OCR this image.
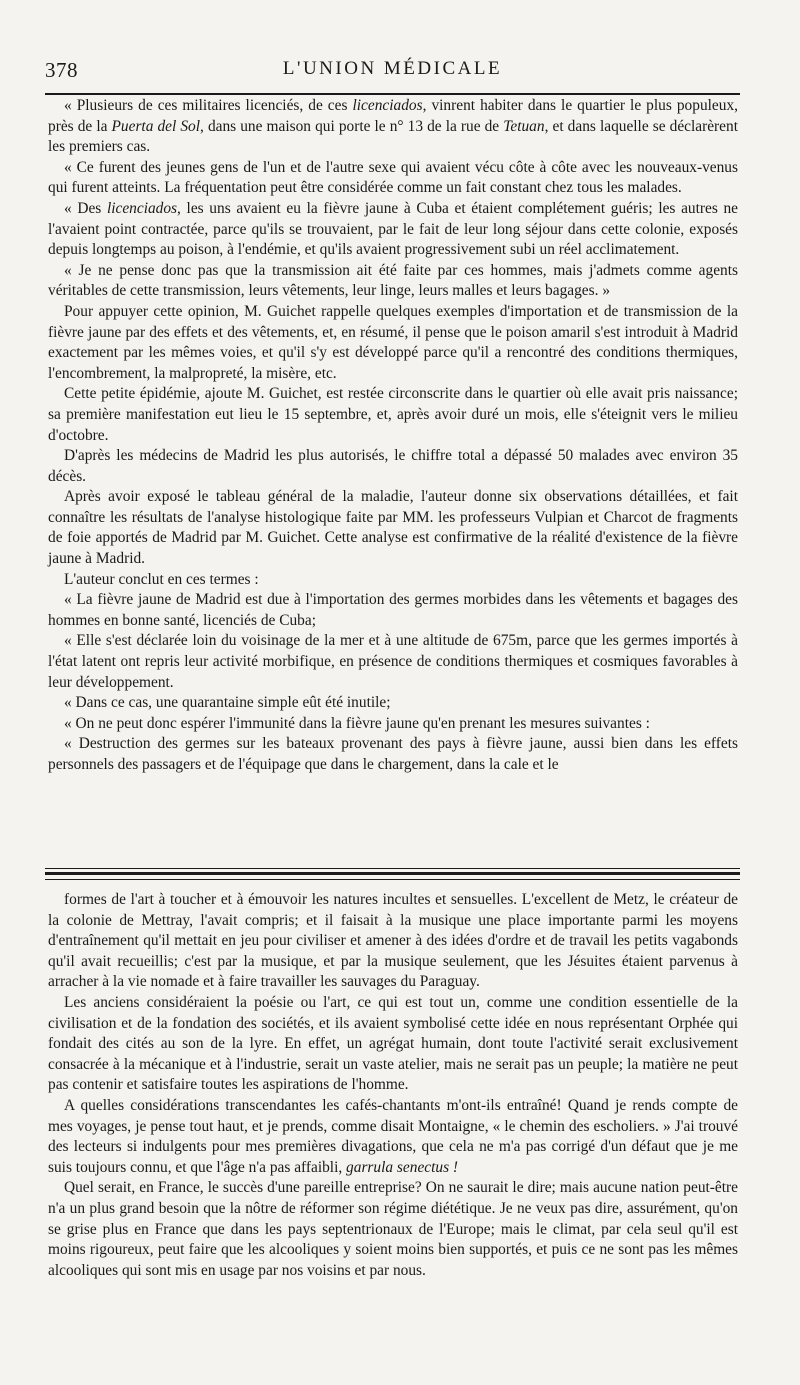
378	L'UNION MÉDICALE

« Plusieurs de ces militaires licenciés, de ces licenciados, vinrent habiter dans le quartier le plus populeux, près de la Puerta del Sol, dans une maison qui porte le n° 13 de la rue de Tetuan, et dans laquelle se déclarèrent les premiers cas.

« Ce furent des jeunes gens de l'un et de l'autre sexe qui avaient vécu côte à côte avec les nouveaux-venus qui furent atteints. La fréquentation peut être considérée comme un fait constant chez tous les malades.

« Des licenciados, les uns avaient eu la fièvre jaune à Cuba et étaient complétement guéris; les autres ne l'avaient point contractée, parce qu'ils se trouvaient, par le fait de leur long séjour dans cette colonie, exposés depuis longtemps au poison, à l'endémie, et qu'ils avaient progressivement subi un réel acclimatement.

« Je ne pense donc pas que la transmission ait été faite par ces hommes, mais j'admets comme agents véritables de cette transmission, leurs vêtements, leur linge, leurs malles et leurs bagages. »

Pour appuyer cette opinion, M. Guichet rappelle quelques exemples d'importation et de transmission de la fièvre jaune par des effets et des vêtements, et, en résumé, il pense que le poison amaril s'est introduit à Madrid exactement par les mêmes voies, et qu'il s'y est développé parce qu'il a rencontré des conditions thermiques, l'encombrement, la malpropreté, la misère, etc.

Cette petite épidémie, ajoute M. Guichet, est restée circonscrite dans le quartier où elle avait pris naissance; sa première manifestation eut lieu le 15 septembre, et, après avoir duré un mois, elle s'éteignit vers le milieu d'octobre.

D'après les médecins de Madrid les plus autorisés, le chiffre total a dépassé 50 malades avec environ 35 décès.

Après avoir exposé le tableau général de la maladie, l'auteur donne six observations détaillées, et fait connaître les résultats de l'analyse histologique faite par MM. les professeurs Vulpian et Charcot de fragments de foie apportés de Madrid par M. Guichet. Cette analyse est confirmative de la réalité d'existence de la fièvre jaune à Madrid.

L'auteur conclut en ces termes :

« La fièvre jaune de Madrid est due à l'importation des germes morbides dans les vêtements et bagages des hommes en bonne santé, licenciés de Cuba;

« Elle s'est déclarée loin du voisinage de la mer et à une altitude de 675m, parce que les germes importés à l'état latent ont repris leur activité morbifique, en présence de conditions thermiques et cosmiques favorables à leur développement.

« Dans ce cas, une quarantaine simple eût été inutile;

« On ne peut donc espérer l'immunité dans la fièvre jaune qu'en prenant les mesures suivantes :

« Destruction des germes sur les bateaux provenant des pays à fièvre jaune, aussi bien dans les effets personnels des passagers et de l'équipage que dans le chargement, dans la cale et le

formes de l'art à toucher et à émouvoir les natures incultes et sensuelles. L'excellent de Metz, le créateur de la colonie de Mettray, l'avait compris; et il faisait à la musique une place importante parmi les moyens d'entraînement qu'il mettait en jeu pour civiliser et amener à des idées d'ordre et de travail les petits vagabonds qu'il avait recueillis; c'est par la musique, et par la musique seulement, que les Jésuites étaient parvenus à arracher à la vie nomade et à faire travailler les sauvages du Paraguay.

Les anciens considéraient la poésie ou l'art, ce qui est tout un, comme une condition essentielle de la civilisation et de la fondation des sociétés, et ils avaient symbolisé cette idée en nous représentant Orphée qui fondait des cités au son de la lyre. En effet, un agrégat humain, dont toute l'activité serait exclusivement consacrée à la mécanique et à l'industrie, serait un vaste atelier, mais ne serait pas un peuple; la matière ne peut pas contenir et satisfaire toutes les aspirations de l'homme.

A quelles considérations transcendantes les cafés-chantants m'ont-ils entraîné! Quand je rends compte de mes voyages, je pense tout haut, et je prends, comme disait Montaigne, « le chemin des escholiers. » J'ai trouvé des lecteurs si indulgents pour mes premières divagations, que cela ne m'a pas corrigé d'un défaut que je me suis toujours connu, et que l'âge n'a pas affaibli, garrula senectus !

Quel serait, en France, le succès d'une pareille entreprise? On ne saurait le dire; mais aucune nation peut-être n'a un plus grand besoin que la nôtre de réformer son régime diététique. Je ne veux pas dire, assurément, qu'on se grise plus en France que dans les pays septentrionaux de l'Europe; mais le climat, par cela seul qu'il est moins rigoureux, peut faire que les alcooliques y soient moins bien supportés, et puis ce ne sont pas les mêmes alcooliques qui sont mis en usage par nos voisins et par nous.
